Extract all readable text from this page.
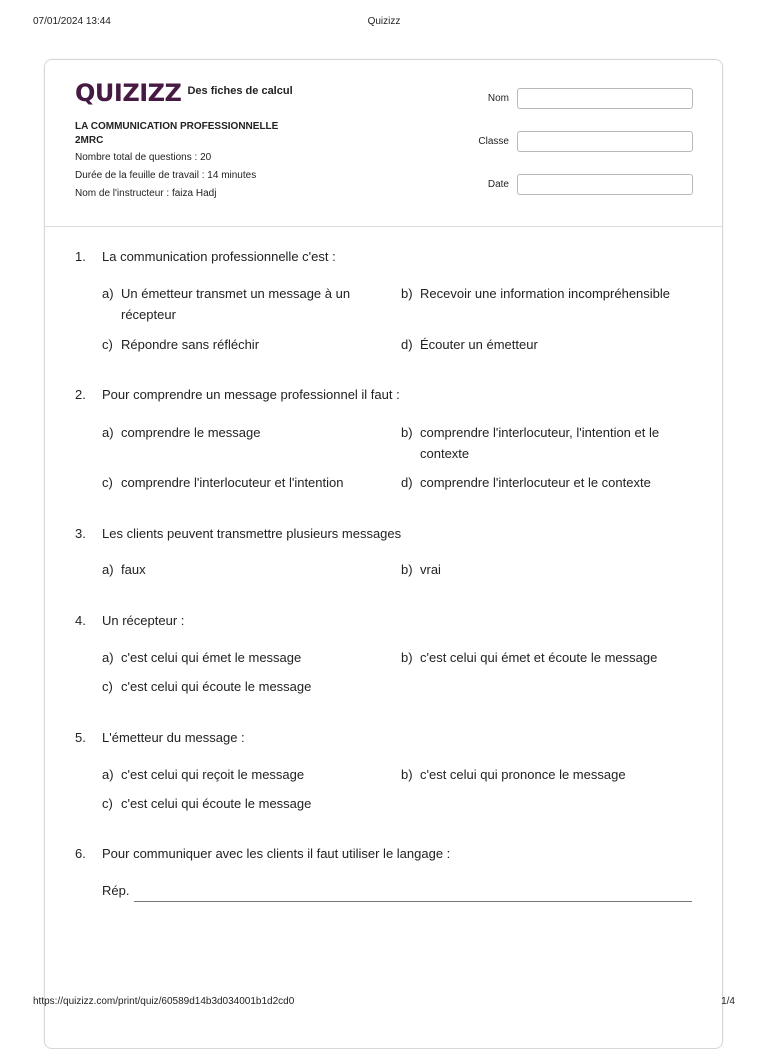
07/01/2024 13:44	Quizizz
QUIZIZZ Des fiches de calcul
LA COMMUNICATION PROFESSIONNELLE
2MRC
Nombre total de questions : 20
Durée de la feuille de travail : 14 minutes
Nom de l'instructeur : faiza Hadj
Nom
Classe
Date
1. La communication professionnelle c'est :
a) Un émetteur transmet un message à un récepteur
b) Recevoir une information incompréhensible
c) Répondre sans réfléchir	d) Écouter un émetteur
2. Pour comprendre un message professionnel il faut :
a) comprendre le message	b) comprendre l'interlocuteur, l'intention et le contexte
c) comprendre l'interlocuteur et l'intention	d) comprendre l'interlocuteur et le contexte
3. Les clients peuvent transmettre plusieurs messages
a) faux	b) vrai
4. Un récepteur :
a) c'est celui qui émet le message	b) c'est celui qui émet et écoute le message
c) c'est celui qui écoute le message
5. L'émetteur du message :
a) c'est celui qui reçoit le message	b) c'est celui qui prononce le message
c) c'est celui qui écoute le message
6. Pour communiquer avec les clients il faut utiliser le langage :
Rép.
https://quizizz.com/print/quiz/60589d14b3d034001b1d2cd0	1/4
